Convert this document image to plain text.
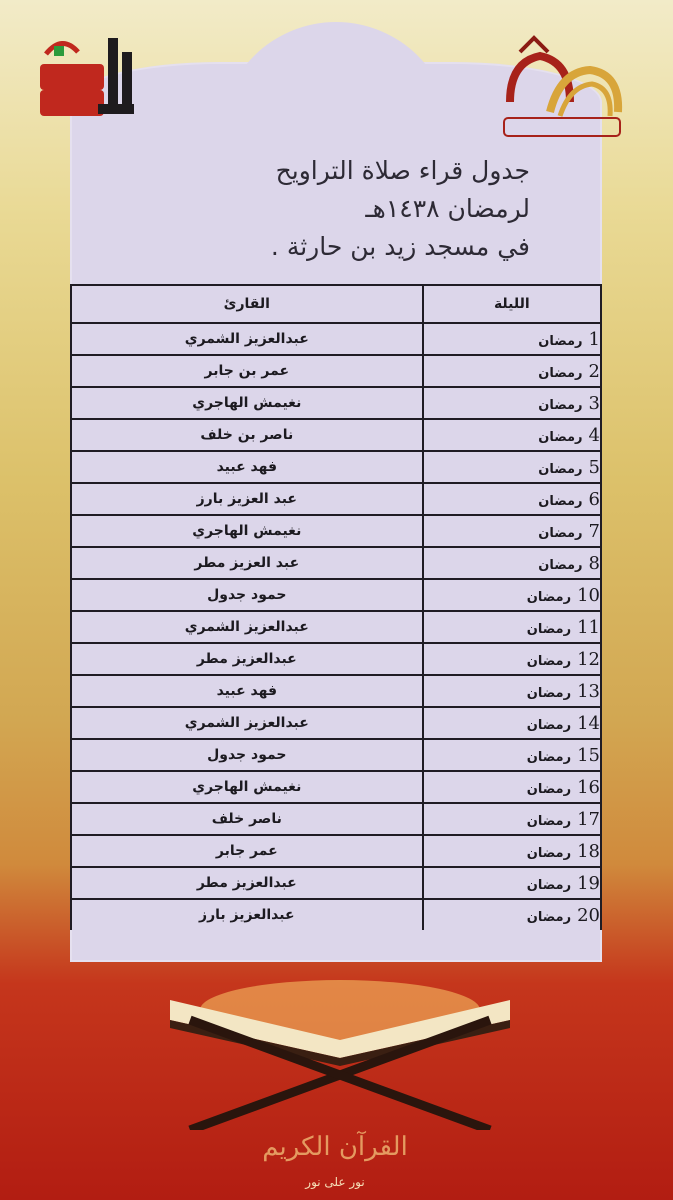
جدول قراء صلاة التراويح
لرمضان ١٤٣٨هـ
في مسجد زيد بن حارثة .
الليلة	القارئ
1رمضان	عبدالعزيز الشمري
2رمضان	عمر بن جابر
3رمضان	نغيمش الهاجري
4رمضان	ناصر بن خلف
5رمضان	فهد عبيد
6رمضان	عبد العزيز بارز
7رمضان	نغيمش الهاجري
8رمضان	عبد العزيز مطر
10رمضان	حمود جدول
11رمضان	عبدالعزيز الشمري
12رمضان	عبدالعزيز مطر
13رمضان	فهد عبيد
14رمضان	عبدالعزيز الشمري
15رمضان	حمود جدول
16رمضان	نغيمش الهاجري
17رمضان	ناصر خلف
18رمضان	عمر جابر
19رمضان	عبدالعزيز مطر
20رمضان	عبدالعزيز بارز
القرآن الكريم
نور على نور
